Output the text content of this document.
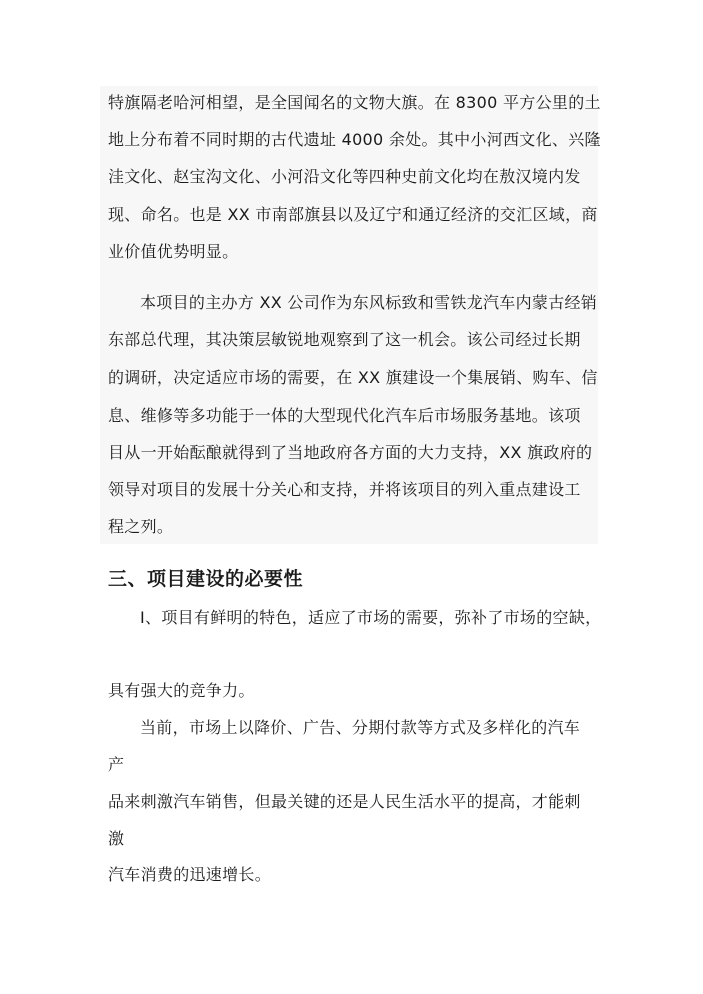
特旗隔老哈河相望，是全国闻名的文物大旗。在 8300 平方公里的土
地上分布着不同时期的古代遗址 4000 余处。其中小河西文化、兴隆
洼文化、赵宝沟文化、小河沿文化等四种史前文化均在敖汉境内发
现、命名。也是 XX 市南部旗县以及辽宁和通辽经济的交汇区域，商
业价值优势明显。
本项目的主办方 XX 公司作为东风标致和雪铁龙汽车内蒙古经销
东部总代理，其决策层敏锐地观察到了这一机会。该公司经过长期
的调研，决定适应市场的需要，在 XX 旗建设一个集展销、购车、信
息、维修等多功能于一体的大型现代化汽车后市场服务基地。该项
目从一开始酝酿就得到了当地政府各方面的大力支持，XX 旗政府的
领导对项目的发展十分关心和支持，并将该项目的列入重点建设工
程之列。
三、项目建设的必要性
I、项目有鲜明的特色，适应了市场的需要，弥补了市场的空缺，
具有强大的竞争力。
当前，市场上以降价、广告、分期付款等方式及多样化的汽车
产
品来刺激汽车销售，但最关键的还是人民生活水平的提高，才能刺
激
汽车消费的迅速增长。
